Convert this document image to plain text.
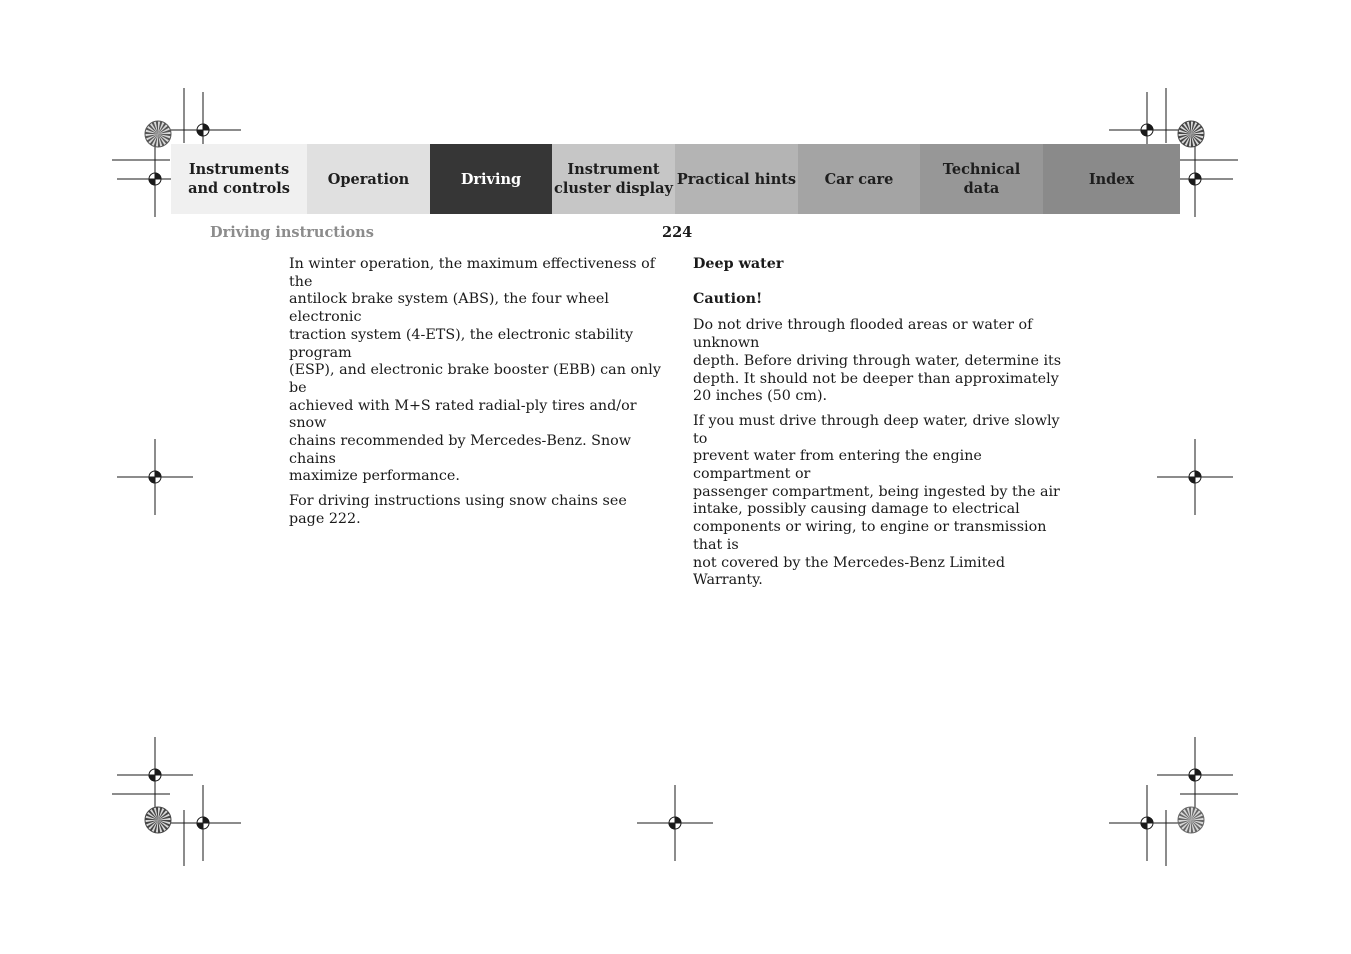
Instruments
and controls
Operation	Driving
Instrument
cluster display
Practical hints	Car care
Technical
data
Index
Driving instructions	224

In winter operation, the maximum effectiveness of the
antilock brake system (ABS), the four wheel electronic
traction system (4-ETS), the electronic stability program
(ESP), and electronic brake booster (EBB) can only be
achieved with M+S rated radial-ply tires and/or snow
chains recommended by Mercedes-Benz. Snow chains
maximize performance.

For driving instructions using snow chains see
page 222.

Deep water

Caution!

Do not drive through flooded areas or water of unknown
depth. Before driving through water, determine its
depth. It should not be deeper than approximately
20 inches (50 cm).

If you must drive through deep water, drive slowly to
prevent water from entering the engine compartment or
passenger compartment, being ingested by the air
intake, possibly causing damage to electrical
components or wiring, to engine or transmission that is
not covered by the Mercedes-Benz Limited Warranty.
